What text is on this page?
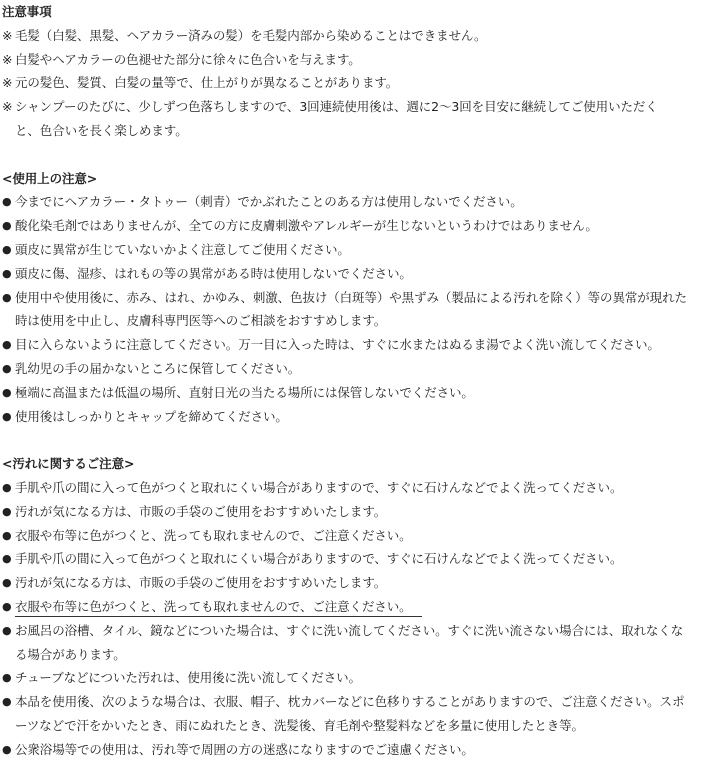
注意事項
※ 毛髪（白髪、黒髪、ヘアカラー済みの髪）を毛髪内部から染めることはできません。
※ 白髪やヘアカラーの色褪せた部分に徐々に色合いを与えます。
※ 元の髪色、髪質、白髪の量等で、仕上がりが異なることがあります。
※ シャンプーのたびに、少しずつ色落ちしますので、3回連続使用後は、週に2〜3回を目安に継続してご使用いただく
と、色合いを長く楽しめます。
<使用上の注意>
● 今までにヘアカラー・タトゥー（刺青）でかぶれたことのある方は使用しないでください。
● 酸化染毛剤ではありませんが、全ての方に皮膚刺激やアレルギーが生じないというわけではありません。
● 頭皮に異常が生じていないかよく注意してご使用ください。
● 頭皮に傷、湿疹、はれもの等の異常がある時は使用しないでください。
● 使用中や使用後に、赤み、はれ、かゆみ、刺激、色抜け（白斑等）や黒ずみ（製品による汚れを除く）等の異常が現れた
時は使用を中止し、皮膚科専門医等へのご相談をおすすめします。
● 目に入らないように注意してください。万一目に入った時は、すぐに水またはぬるま湯でよく洗い流してください。
● 乳幼児の手の届かないところに保管してください。
● 極端に高温または低温の場所、直射日光の当たる場所には保管しないでください。
● 使用後はしっかりとキャップを締めてください。
<汚れに関するご注意>
● 手肌や爪の間に入って色がつくと取れにくい場合がありますので、すぐに石けんなどでよく洗ってください。
● 汚れが気になる方は、市販の手袋のご使用をおすすめいたします。
● 衣服や布等に色がつくと、洗っても取れませんので、ご注意ください。
● 手肌や爪の間に入って色がつくと取れにくい場合がありますので、すぐに石けんなどでよく洗ってください。
● 汚れが気になる方は、市販の手袋のご使用をおすすめいたします。
● 衣服や布等に色がつくと、洗っても取れませんので、ご注意ください。
● お風呂の浴槽、タイル、鏡などについた場合は、すぐに洗い流してください。すぐに洗い流さない場合には、取れなくな
る場合があります。
● チューブなどについた汚れは、使用後に洗い流してください。
● 本品を使用後、次のような場合は、衣服、帽子、枕カバーなどに色移りすることがありますので、ご注意ください。スポ
ーツなどで汗をかいたとき、雨にぬれたとき、洗髪後、育毛剤や整髪料などを多量に使用したとき等。
● 公衆浴場等での使用は、汚れ等で周囲の方の迷惑になりますのでご遠慮ください。
